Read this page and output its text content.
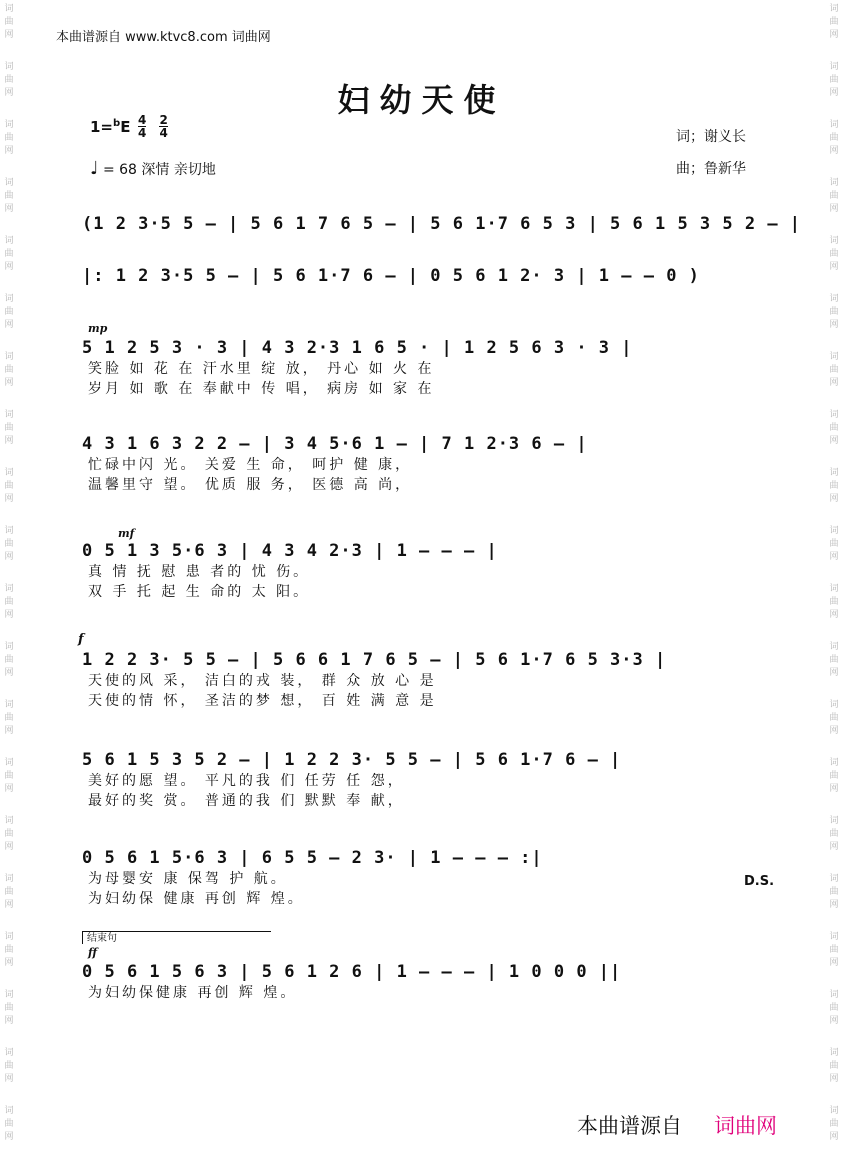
词
曲
网
词
曲
网
词
曲
网
词
曲
网
词
曲
网
词
曲
网
词
曲
网
词
曲
网
词
曲
网
词
曲
网
词
曲
网
词
曲
网
词
曲
网
词
曲
网
词
曲
网
词
曲
网
词
曲
网
词
曲
网
词
曲
网
词
曲
网
词
曲
网
词
曲
网
词
曲
网
词
曲
网
词
曲
网
词
曲
网
词
曲
网
词
曲
网
词
曲
网
词
曲
网
词
曲
网
词
曲
网
词
曲
网
词
曲
网
词
曲
网
词
曲
网
词
曲
网
词
曲
网
词
曲
网
词
曲
网
本曲谱源自 www.ktvc8.com 词曲网
妇幼天使
$1=^bE \frac{4}{4}$
$\frac{2}{4}$
♩ = 68 深情 亲切地
词；谢义长
曲；鲁新华
(1 2 3·5 5 – | 5 6 1 7 6 5 – | 5 6 1·7 6 5 3 | 5 6 1 5 3 5 2 – |
|: 1 2 3·5 5 – | 5 6 1·7 6 – | 0 5 6 1 2· 3 | 1 – – 0 )
mp
5 1 2 5 3 · 3 | 4 3 2·3 1 6 5 · | 1 2 5 6 3 · 3 |
笑脸 如 花 在 汗水里 绽 放， 丹心 如 火 在
岁月 如 歌 在 奉献中 传 唱， 病房 如 家 在
4 3 1 6 3 2 2 – | 3 4 5·6 1 – | 7 1 2·3 6 – |
忙碌中闪 光。 关爱 生 命， 呵护 健 康，
温馨里守 望。 优质 服 务， 医德 高 尚，
mf
0 5 1 3 5·6 3 | 4 3 4 2·3 | 1 – – – |
真 情 抚 慰 患 者的 忧 伤。
双 手 托 起 生 命的 太 阳。
f
1 2 2 3· 5 5 – | 5 6 6 1 7 6 5 – | 5 6 1·7 6 5 3·3 |
天使的风 采， 洁白的戎 装， 群 众 放 心 是
天使的情 怀， 圣洁的梦 想， 百 姓 满 意 是
5 6 1 5 3 5 2 – | 1 2 2 3· 5 5 – | 5 6 1·7 6 – |
美好的愿 望。 平凡的我 们 任劳 任 怨，
最好的奖 赏。 普通的我 们 默默 奉 献，
0 5 6 1 5·6 3 | 6 5 5 – 2 3· | 1 – – – :|
为母婴安 康 保驾 护 航。
为妇幼保 健康 再创 辉 煌。
D.S.
结束句
ff
0 5 6 1 5 6 3 | 5 6 1 2 6 | 1 – – – | 1 0 0 0 ||
为妇幼保健康 再创 辉 煌。
本曲谱源自 词曲网
